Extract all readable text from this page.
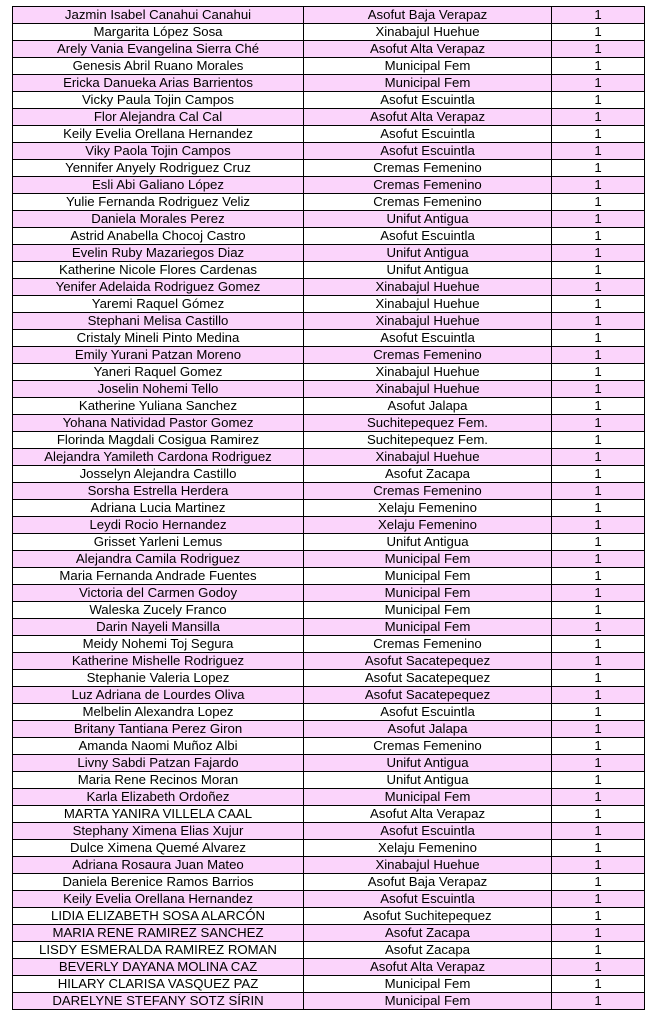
Jazmin Isabel Canahui Canahui	Asofut Baja Verapaz	1
Margarita López Sosa	Xinabajul Huehue	1
Arely Vania Evangelina Sierra Ché	Asofut Alta Verapaz	1
Genesis Abril Ruano Morales	Municipal Fem	1
Ericka Danueka Arias Barrientos	Municipal Fem	1
Vicky Paula Tojin Campos	Asofut Escuintla	1
Flor Alejandra Cal Cal	Asofut Alta Verapaz	1
Keily Evelia Orellana Hernandez	Asofut Escuintla	1
Viky Paola Tojin Campos	Asofut Escuintla	1
Yennifer Anyely Rodriguez Cruz	Cremas Femenino	1
Esli Abi Galiano López	Cremas Femenino	1
Yulie Fernanda Rodriguez Veliz	Cremas Femenino	1
Daniela Morales Perez	Unifut Antigua	1
Astrid Anabella Chocoj Castro	Asofut Escuintla	1
Evelin Ruby Mazariegos Diaz	Unifut Antigua	1
Katherine Nicole Flores Cardenas	Unifut Antigua	1
Yenifer Adelaida Rodriguez Gomez	Xinabajul Huehue	1
Yaremi Raquel Gómez	Xinabajul Huehue	1
Stephani Melisa Castillo	Xinabajul Huehue	1
Cristaly Mineli Pinto Medina	Asofut Escuintla	1
Emily Yurani Patzan Moreno	Cremas Femenino	1
Yaneri Raquel Gomez	Xinabajul Huehue	1
Joselin Nohemi Tello	Xinabajul Huehue	1
Katherine Yuliana Sanchez	Asofut Jalapa	1
Yohana Natividad Pastor Gomez	Suchitepequez Fem.	1
Florinda Magdali Cosigua Ramirez	Suchitepequez Fem.	1
Alejandra Yamileth Cardona Rodriguez	Xinabajul Huehue	1
Josselyn Alejandra Castillo	Asofut Zacapa	1
Sorsha Estrella Herdera	Cremas Femenino	1
Adriana Lucia Martinez	Xelaju Femenino	1
Leydi Rocio Hernandez	Xelaju Femenino	1
Grisset Yarleni Lemus	Unifut Antigua	1
Alejandra Camila Rodriguez	Municipal Fem	1
Maria Fernanda Andrade Fuentes	Municipal Fem	1
Victoria del Carmen Godoy	Municipal Fem	1
Waleska Zucely Franco	Municipal Fem	1
Darin Nayeli Mansilla	Municipal Fem	1
Meidy Nohemi Toj Segura	Cremas Femenino	1
Katherine Mishelle Rodriguez	Asofut Sacatepequez	1
Stephanie Valeria Lopez	Asofut Sacatepequez	1
Luz Adriana de Lourdes Oliva	Asofut Sacatepequez	1
Melbelin Alexandra Lopez	Asofut Escuintla	1
Britany Tantiana Perez Giron	Asofut Jalapa	1
Amanda Naomi Muñoz Albi	Cremas Femenino	1
Livny Sabdi Patzan Fajardo	Unifut Antigua	1
Maria Rene Recinos Moran	Unifut Antigua	1
Karla Elizabeth Ordoñez	Municipal Fem	1
MARTA YANIRA VILLELA CAAL	Asofut Alta Verapaz	1
Stephany Ximena Elias Xujur	Asofut Escuintla	1
Dulce Ximena Quemé Alvarez	Xelaju Femenino	1
Adriana Rosaura Juan Mateo	Xinabajul Huehue	1
Daniela Berenice Ramos Barrios	Asofut Baja Verapaz	1
Keily Evelia Orellana Hernandez	Asofut Escuintla	1
LIDIA ELIZABETH SOSA ALARCÓN	Asofut Suchitepequez	1
MARIA RENE RAMIREZ SANCHEZ	Asofut Zacapa	1
LISDY ESMERALDA RAMIREZ ROMAN	Asofut Zacapa	1
BEVERLY DAYANA MOLINA CAZ	Asofut Alta Verapaz	1
HILARY CLARISA VASQUEZ PAZ	Municipal Fem	1
DARELYNE STEFANY SOTZ SÍRIN	Municipal Fem	1
